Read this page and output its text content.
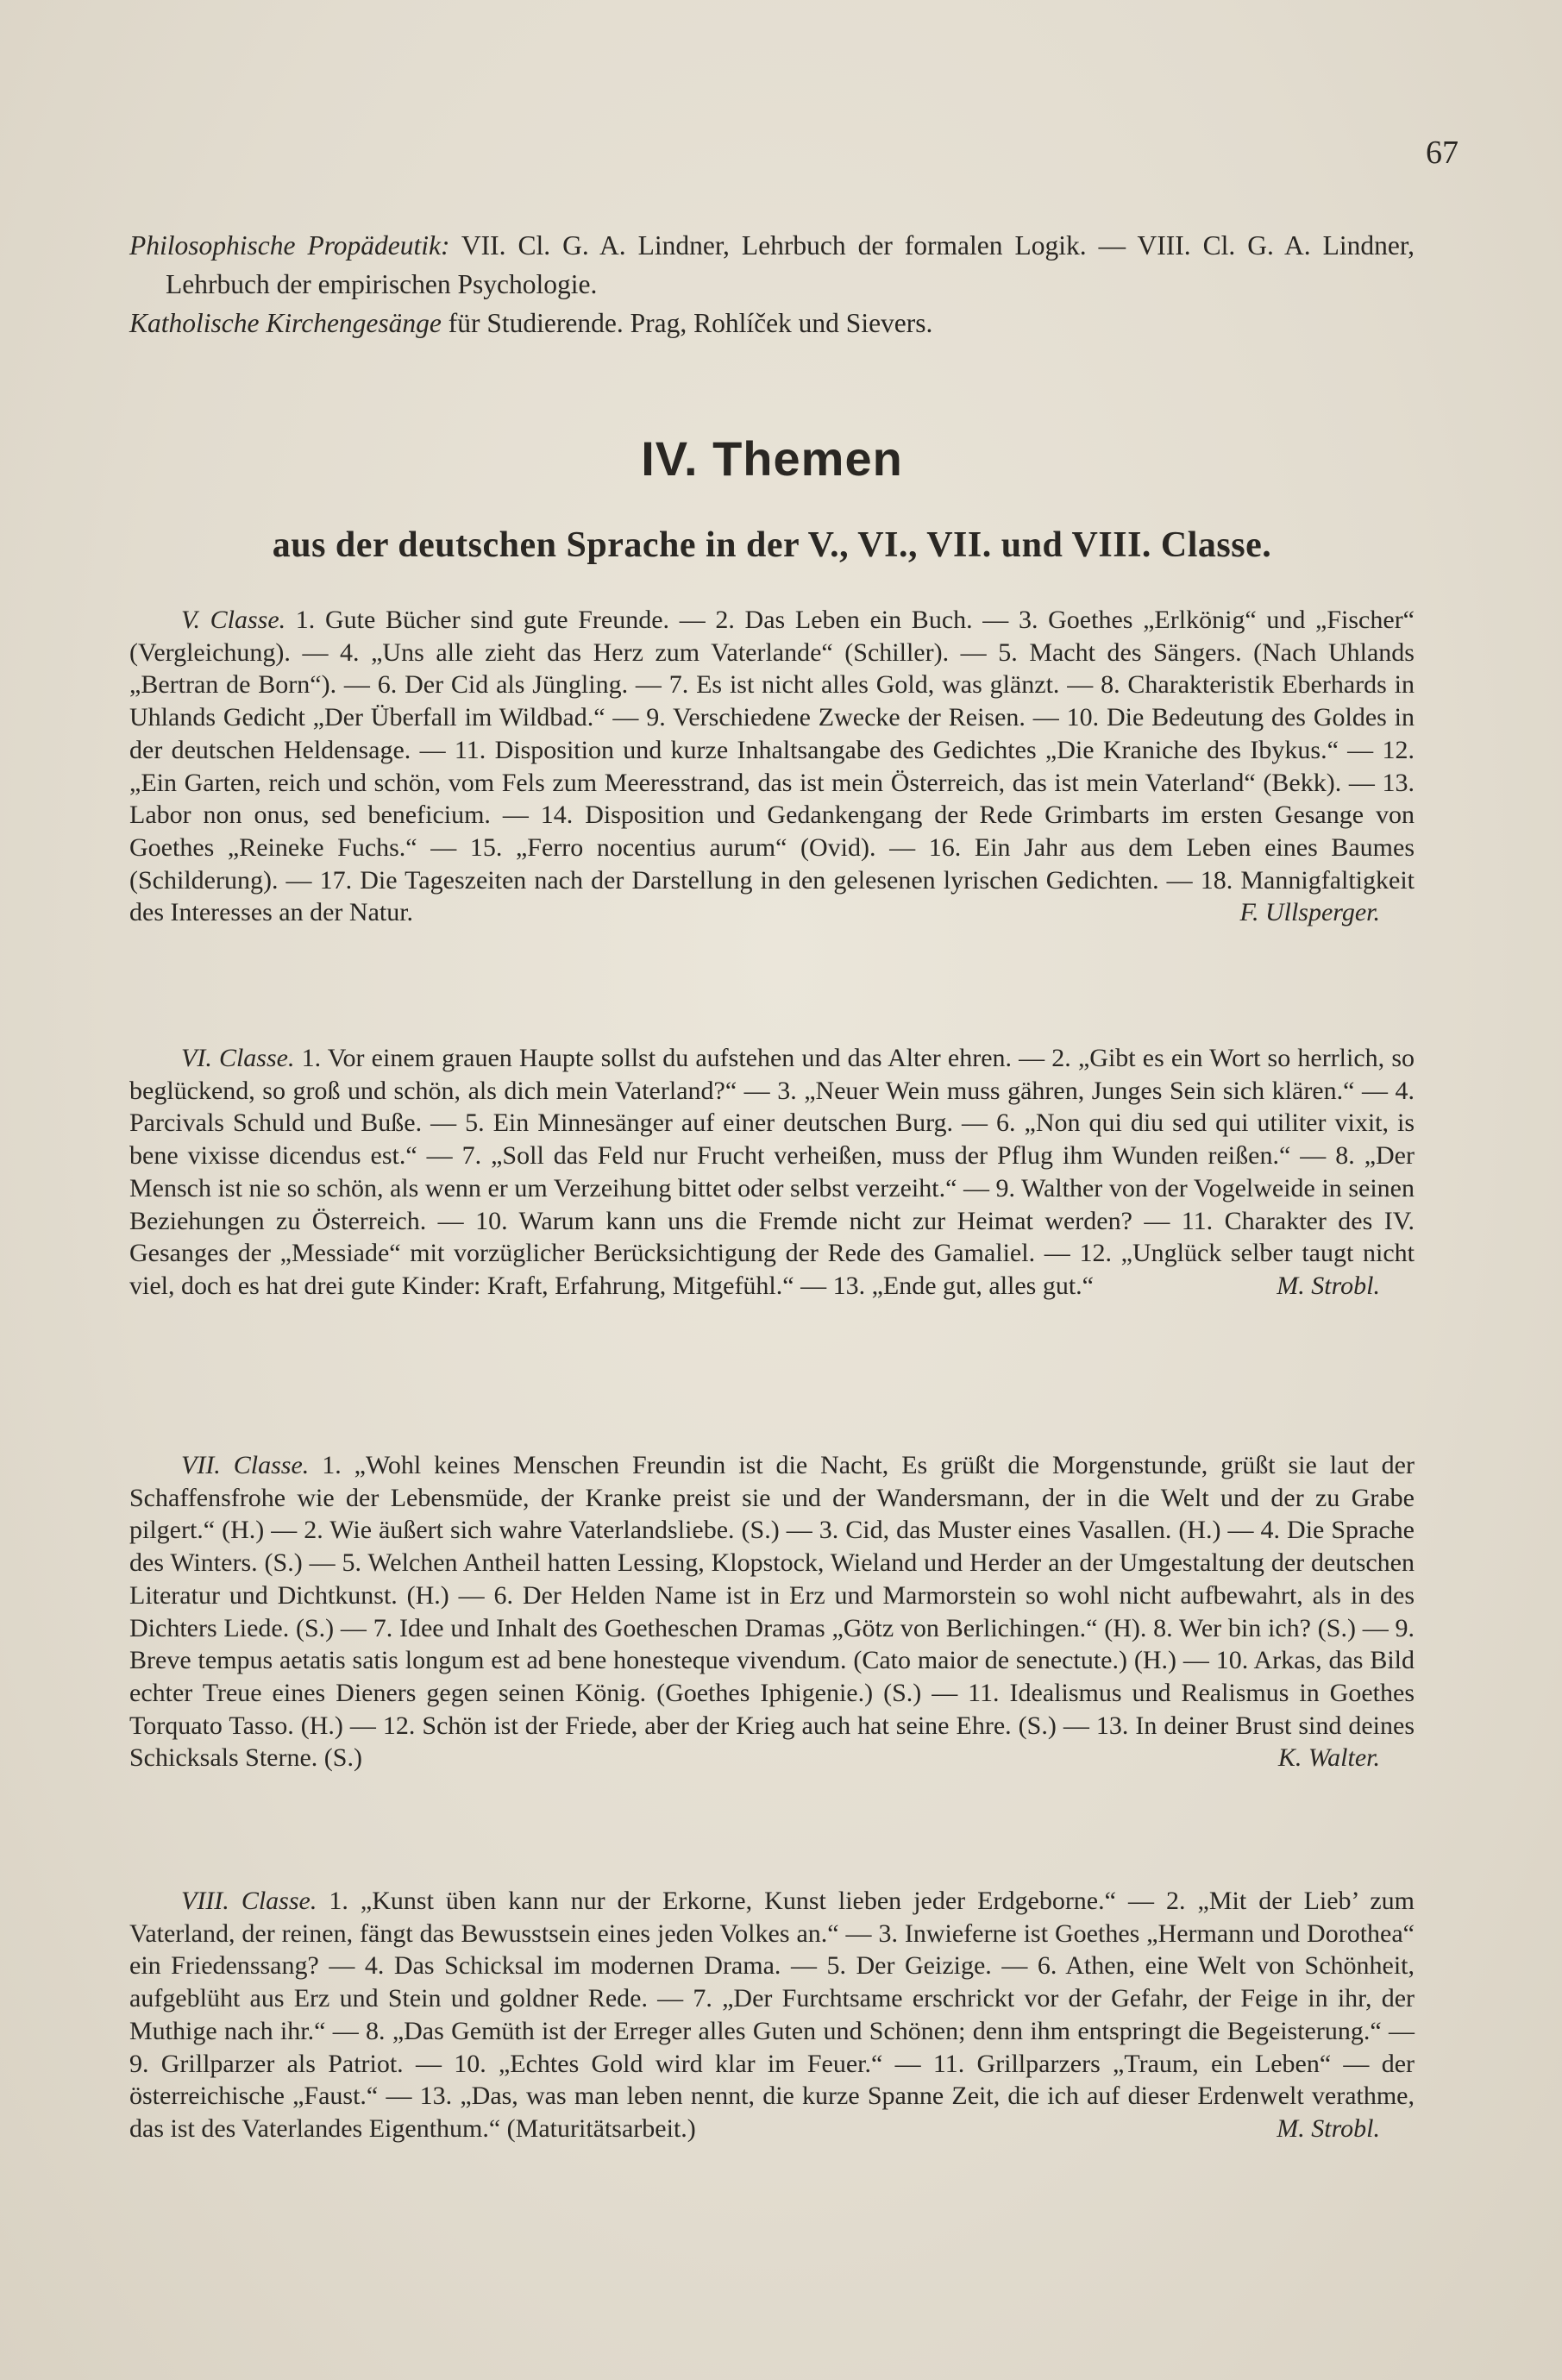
67

Philosophische Propädeutik: VII. Cl. G. A. Lindner, Lehrbuch der formalen Logik. — VIII. Cl. G. A. Lindner, Lehrbuch der empirischen Psychologie.

Katholische Kirchengesänge für Studierende. Prag, Rohlíček und Sievers.

IV. Themen
aus der deutschen Sprache in der V., VI., VII. und VIII. Classe.

V. Classe. 1. Gute Bücher sind gute Freunde. — 2. Das Leben ein Buch. — 3. Goethes „Erlkönig“ und „Fischer“ (Vergleichung). — 4. „Uns alle zieht das Herz zum Vaterlande“ (Schiller). — 5. Macht des Sängers. (Nach Uhlands „Bertran de Born“). — 6. Der Cid als Jüngling. — 7. Es ist nicht alles Gold, was glänzt. — 8. Charakteristik Eberhards in Uhlands Gedicht „Der Überfall im Wildbad.“ — 9. Verschiedene Zwecke der Reisen. — 10. Die Bedeutung des Goldes in der deutschen Heldensage. — 11. Disposition und kurze Inhaltsangabe des Gedichtes „Die Kraniche des Ibykus.“ — 12. „Ein Garten, reich und schön, vom Fels zum Meeresstrand, das ist mein Österreich, das ist mein Vaterland“ (Bekk). — 13. Labor non onus, sed beneficium. — 14. Disposition und Gedankengang der Rede Grimbarts im ersten Gesange von Goethes „Reineke Fuchs.“ — 15. „Ferro nocentius aurum“ (Ovid). — 16. Ein Jahr aus dem Leben eines Baumes (Schilderung). — 17. Die Tageszeiten nach der Darstellung in den gelesenen lyrischen Gedichten. — 18. Mannigfaltigkeit des Interesses an der Natur.	F. Ullsperger.

VI. Classe. 1. Vor einem grauen Haupte sollst du aufstehen und das Alter ehren. — 2. „Gibt es ein Wort so herrlich, so beglückend, so groß und schön, als dich mein Vaterland?“ — 3. „Neuer Wein muss gähren, Junges Sein sich klären.“ — 4. Parcivals Schuld und Buße. — 5. Ein Minnesänger auf einer deutschen Burg. — 6. „Non qui diu sed qui utiliter vixit, is bene vixisse dicendus est.“ — 7. „Soll das Feld nur Frucht verheißen, muss der Pflug ihm Wunden reißen.“ — 8. „Der Mensch ist nie so schön, als wenn er um Verzeihung bittet oder selbst verzeiht.“ — 9. Walther von der Vogelweide in seinen Beziehungen zu Österreich. — 10. Warum kann uns die Fremde nicht zur Heimat werden? — 11. Charakter des IV. Gesanges der „Messiade“ mit vorzüglicher Berücksichtigung der Rede des Gamaliel. — 12. „Unglück selber taugt nicht viel, doch es hat drei gute Kinder: Kraft, Erfahrung, Mitgefühl.“ — 13. „Ende gut, alles gut.“	M. Strobl.

VII. Classe. 1. „Wohl keines Menschen Freundin ist die Nacht, Es grüßt die Morgenstunde, grüßt sie laut der Schaffensfrohe wie der Lebensmüde, der Kranke preist sie und der Wandersmann, der in die Welt und der zu Grabe pilgert.“ (H.) — 2. Wie äußert sich wahre Vaterlandsliebe. (S.) — 3. Cid, das Muster eines Vasallen. (H.) — 4. Die Sprache des Winters. (S.) — 5. Welchen Antheil hatten Lessing, Klopstock, Wieland und Herder an der Umgestaltung der deutschen Literatur und Dichtkunst. (H.) — 6. Der Helden Name ist in Erz und Marmorstein so wohl nicht aufbewahrt, als in des Dichters Liede. (S.) — 7. Idee und Inhalt des Goetheschen Dramas „Götz von Berlichingen.“ (H). 8. Wer bin ich? (S.) — 9. Breve tempus aetatis satis longum est ad bene honesteque vivendum. (Cato maior de senectute.) (H.) — 10. Arkas, das Bild echter Treue eines Dieners gegen seinen König. (Goethes Iphigenie.) (S.) — 11. Idealismus und Realismus in Goethes Torquato Tasso. (H.) — 12. Schön ist der Friede, aber der Krieg auch hat seine Ehre. (S.) — 13. In deiner Brust sind deines Schicksals Sterne. (S.)	K. Walter.

VIII. Classe. 1. „Kunst üben kann nur der Erkorne, Kunst lieben jeder Erdgeborne.“ — 2. „Mit der Lieb’ zum Vaterland, der reinen, fängt das Bewusstsein eines jeden Volkes an.“ — 3. Inwieferne ist Goethes „Hermann und Dorothea“ ein Friedenssang? — 4. Das Schicksal im modernen Drama. — 5. Der Geizige. — 6. Athen, eine Welt von Schönheit, aufgeblüht aus Erz und Stein und goldner Rede. — 7. „Der Furchtsame erschrickt vor der Gefahr, der Feige in ihr, der Muthige nach ihr.“ — 8. „Das Gemüth ist der Erreger alles Guten und Schönen; denn ihm entspringt die Begeisterung.“ — 9. Grillparzer als Patriot. — 10. „Echtes Gold wird klar im Feuer.“ — 11. Grillparzers „Traum, ein Leben“ — der österreichische „Faust.“ — 13. „Das, was man leben nennt, die kurze Spanne Zeit, die ich auf dieser Erdenwelt verathme, das ist des Vaterlandes Eigenthum.“ (Maturitätsarbeit.)	M. Strobl.
